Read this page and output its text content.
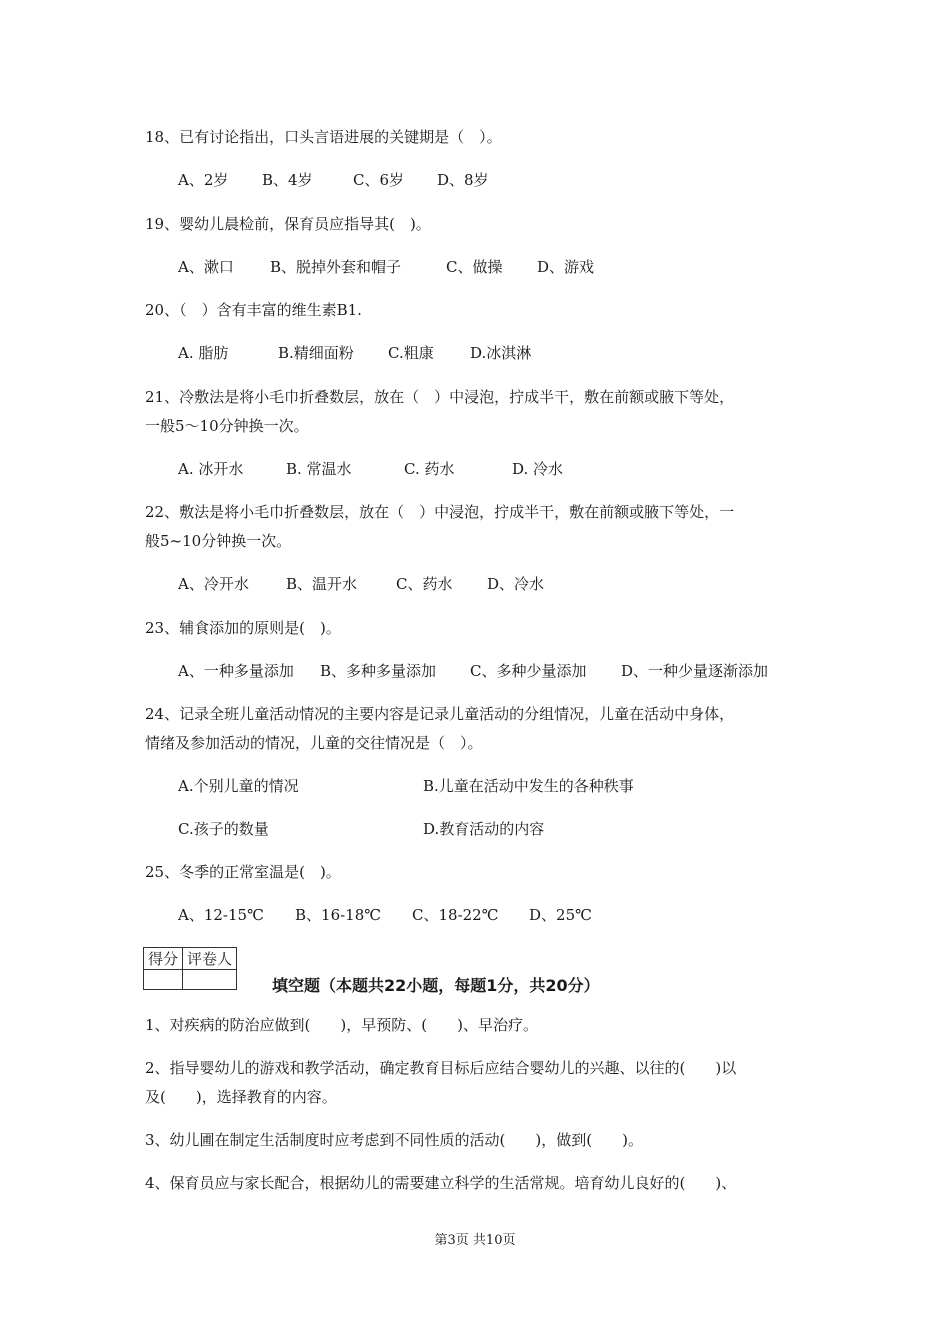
18、已有讨论指出，口头言语进展的关键期是（　）。
A、2岁 B、4岁	C、6岁 D、8岁
19、婴幼儿晨检前，保育员应指导其(　)。
A、漱口 B、脱掉外套和帽子	C、做操 D、游戏
20、（　）含有丰富的维生素B1.
A. 脂肪	B.精细面粉 C.粗康 D.冰淇淋
21、冷敷法是将小毛巾折叠数层，放在（　）中浸泡，拧成半干，敷在前额或腋下等处，
一般5～10分钟换一次。
A. 冰开水	B. 常温水	C. 药水	D. 冷水
22、敷法是将小毛巾折叠数层，放在（　）中浸泡，拧成半干，敷在前额或腋下等处，一
般5~10分钟换一次。
A、冷开水 B、温开水	C、药水 D、冷水
23、辅食添加的原则是(　)。
A、一种多量添加 B、多种多量添加 C、多种少量添加 D、一种少量逐渐添加
24、记录全班儿童活动情况的主要内容是记录儿童活动的分组情况，儿童在活动中身体，
情绪及参加活动的情况，儿童的交往情况是（　）。
A.个别儿童的情况	B.儿童在活动中发生的各种秩事
C.孩子的数量	D.教育活动的内容
25、冬季的正常室温是(　)。
A、12-15℃ B、16-18℃ C、18-22℃ D、25℃
得分	评卷人

填空题（本题共22小题，每题1分，共20分）
1、对疾病的防治应做到(　　)，早预防、(　　)、早治疗。
2、指导婴幼儿的游戏和教学活动，确定教育目标后应结合婴幼儿的兴趣、以往的(　　)以
及(　　)，选择教育的内容。
3、幼儿圃在制定生活制度时应考虑到不同性质的活动(　　)，做到(　　)。
4、保育员应与家长配合，根据幼儿的需要建立科学的生活常规。培育幼儿良好的(　　)、
第3页 共10页
